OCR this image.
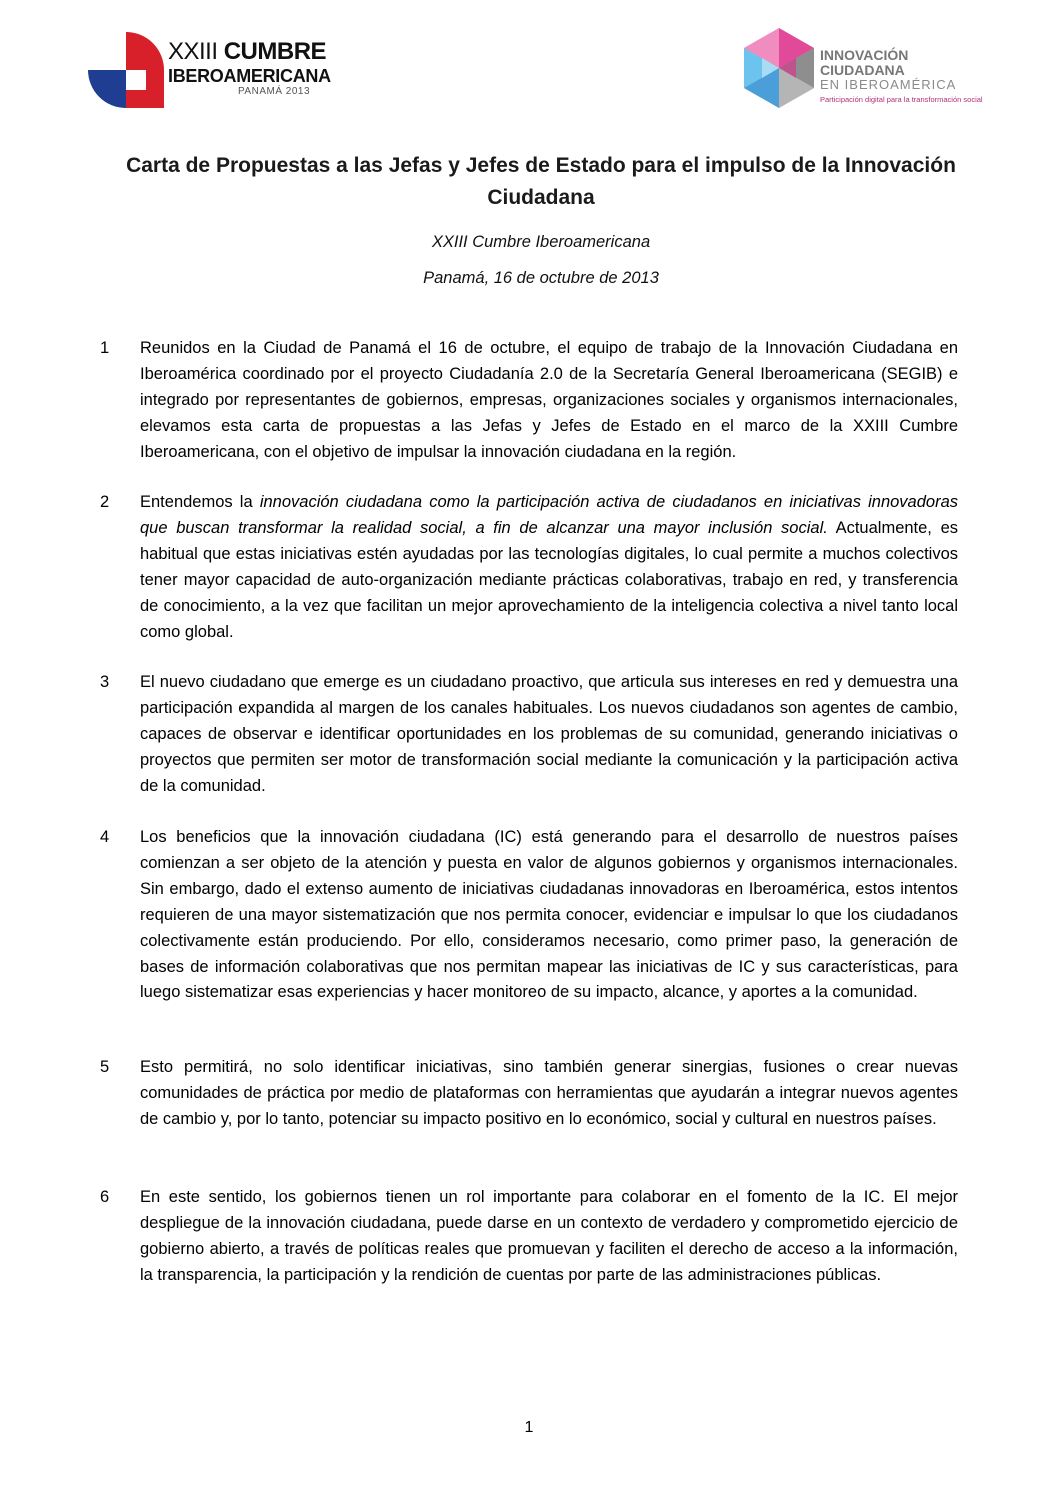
XXIII CUMBRE
IBEROAMERICANA
PANAMÁ 2013
INNOVACIÓN
CIUDADANA
EN IBEROAMÉRICA
Participación digital para la transformación social
Carta de Propuestas a las Jefas y Jefes de Estado para el impulso de la Innovación Ciudadana
XXIII Cumbre Iberoamericana
Panamá, 16 de octubre de 2013
1 Reunidos en la Ciudad de Panamá el 16 de octubre, el equipo de trabajo de la Innovación Ciudadana en Iberoamérica coordinado por el proyecto Ciudadanía 2.0 de la Secretaría General Iberoamericana (SEGIB) e integrado por representantes de gobiernos, empresas, organizaciones sociales y organismos internacionales, elevamos esta carta de propuestas a las Jefas y Jefes de Estado en el marco de la XXIII Cumbre Iberoamericana, con el objetivo de impulsar la innovación ciudadana en la región.
2 Entendemos la innovación ciudadana como la participación activa de ciudadanos en iniciativas innovadoras que buscan transformar la realidad social, a fin de alcanzar una mayor inclusión social. Actualmente, es habitual que estas iniciativas estén ayudadas por las tecnologías digitales, lo cual permite a muchos colectivos tener mayor capacidad de auto-organización mediante prácticas colaborativas, trabajo en red, y transferencia de conocimiento, a la vez que facilitan un mejor aprovechamiento de la inteligencia colectiva a nivel tanto local como global.
3 El nuevo ciudadano que emerge es un ciudadano proactivo, que articula sus intereses en red y demuestra una participación expandida al margen de los canales habituales. Los nuevos ciudadanos son agentes de cambio, capaces de observar e identificar oportunidades en los problemas de su comunidad, generando iniciativas o proyectos que permiten ser motor de transformación social mediante la comunicación y la participación activa de la comunidad.
4 Los beneficios que la innovación ciudadana (IC) está generando para el desarrollo de nuestros países comienzan a ser objeto de la atención y puesta en valor de algunos gobiernos y organismos internacionales. Sin embargo, dado el extenso aumento de iniciativas ciudadanas innovadoras en Iberoamérica, estos intentos requieren de una mayor sistematización que nos permita conocer, evidenciar e impulsar lo que los ciudadanos colectivamente están produciendo. Por ello, consideramos necesario, como primer paso, la generación de bases de información colaborativas que nos permitan mapear las iniciativas de IC y sus características, para luego sistematizar esas experiencias y hacer monitoreo de su impacto, alcance, y aportes a la comunidad.
5 Esto permitirá, no solo identificar iniciativas, sino también generar sinergias, fusiones o crear nuevas comunidades de práctica por medio de plataformas con herramientas que ayudarán a integrar nuevos agentes de cambio y, por lo tanto, potenciar su impacto positivo en lo económico, social y cultural en nuestros países.
6 En este sentido, los gobiernos tienen un rol importante para colaborar en el fomento de la IC. El mejor despliegue de la innovación ciudadana, puede darse en un contexto de verdadero y comprometido ejercicio de gobierno abierto, a través de políticas reales que promuevan y faciliten el derecho de acceso a la información, la transparencia, la participación y la rendición de cuentas por parte de las administraciones públicas.
1
